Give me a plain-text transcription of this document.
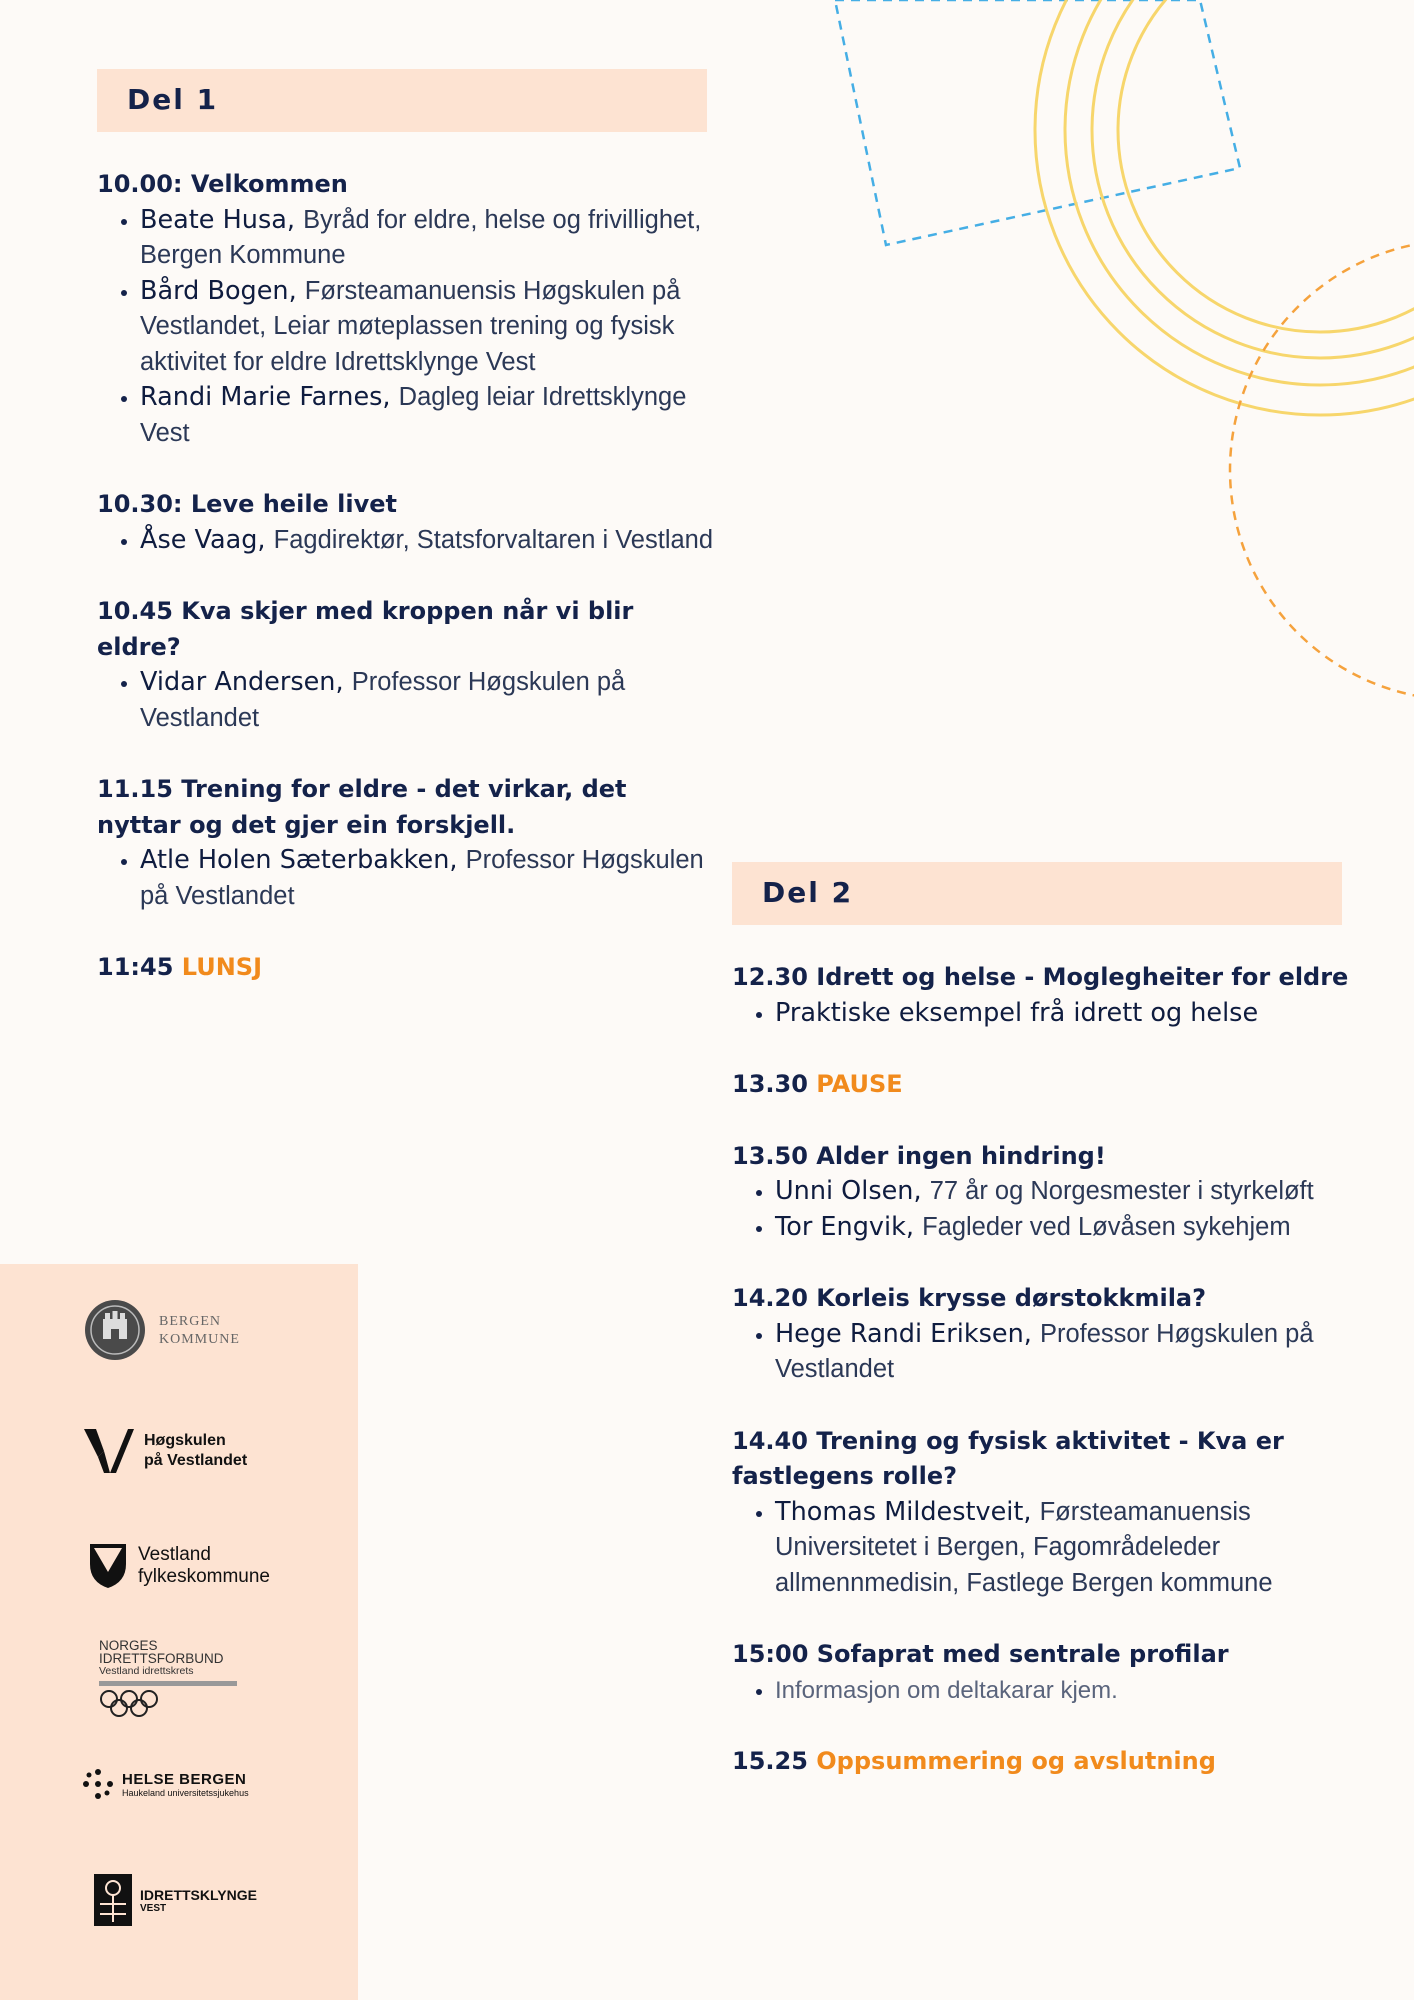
Del 1
10.00: Velkommen
• Beate Husa, Byråd for eldre, helse og frivillighet, Bergen Kommune
• Bård Bogen, Førsteamanuensis Høgskulen på Vestlandet, Leiar møteplassen trening og fysisk aktivitet for eldre Idrettsklynge Vest
• Randi Marie Farnes, Dagleg leiar Idrettsklynge Vest
10.30: Leve heile livet
• Åse Vaag, Fagdirektør, Statsforvaltaren i Vestland
10.45 Kva skjer med kroppen når vi blir eldre?
• Vidar Andersen, Professor Høgskulen på Vestlandet
11.15 Trening for eldre - det virkar, det nyttar og det gjer ein forskjell.
• Atle Holen Sæterbakken, Professor Høgskulen på Vestlandet
11:45 LUNSJ
Del 2
12.30 Idrett og helse - Moglegheiter for eldre
• Praktiske eksempel frå idrett og helse
13.30 PAUSE
13.50 Alder ingen hindring!
• Unni Olsen, 77 år og Norgesmester i styrkeløft
• Tor Engvik, Fagleder ved Løvåsen sykehjem
14.20 Korleis krysse dørstokkmila?
• Hege Randi Eriksen, Professor Høgskulen på Vestlandet
14.40 Trening og fysisk aktivitet - Kva er fastlegens rolle?
• Thomas Mildestveit, Førsteamanuensis Universitetet i Bergen, Fagområdeleder allmennmedisin, Fastlege Bergen kommune
15:00 Sofaprat med sentrale profilar
• Informasjon om deltakarar kjem.
15.25 Oppsummering og avslutning
BERGEN
KOMMUNE
Høgskulen
på Vestlandet
Vestland
fylkeskommune
NORGES
IDRETTSFORBUND
Vestland idrettskrets
HELSE BERGEN
Haukeland universitetssjukehus
IDRETTSKLYNGE
VEST
